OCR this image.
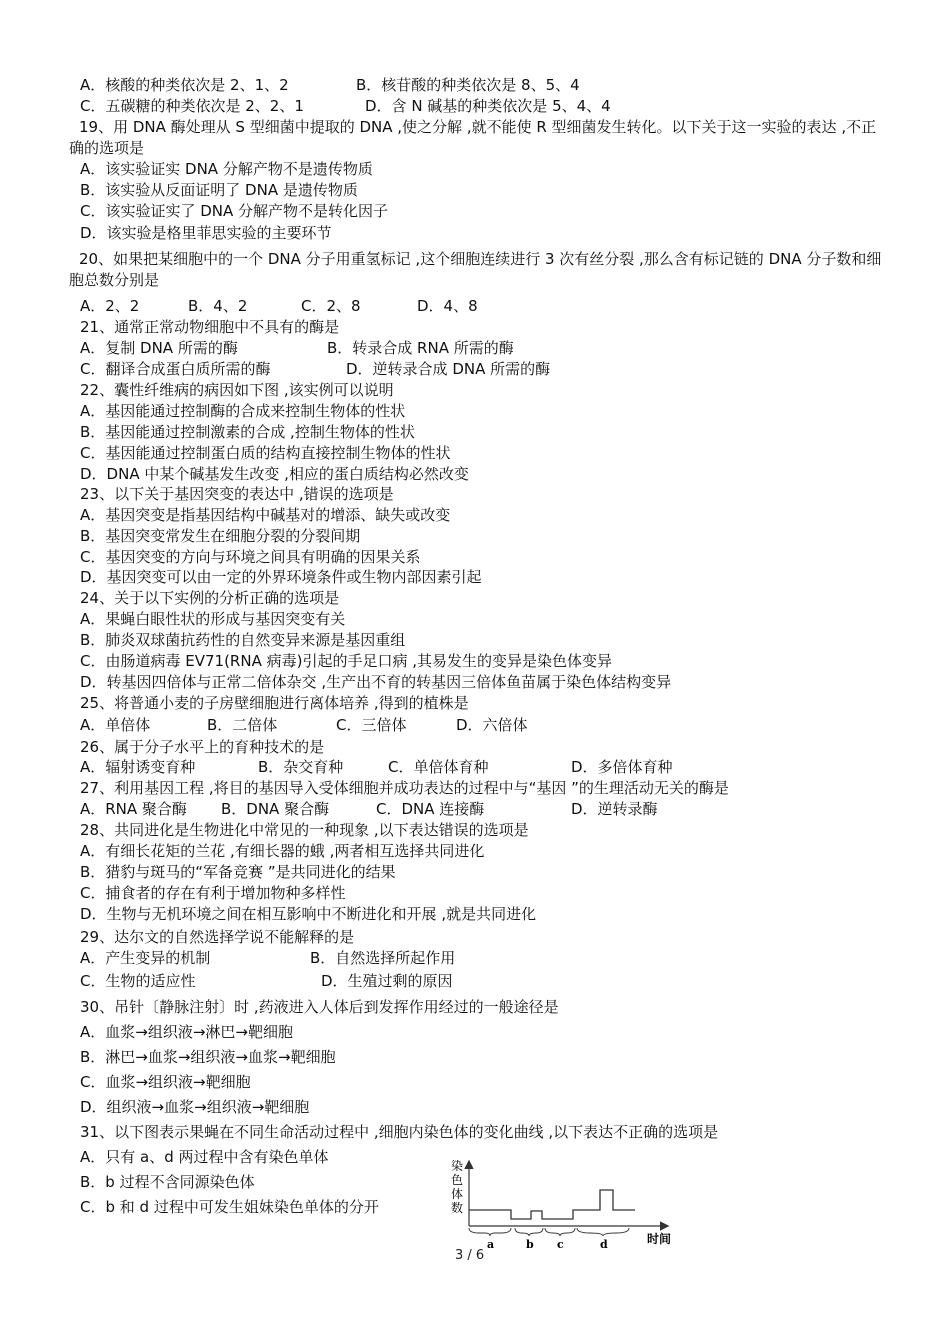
A．核酸的种类依次是 2、1、2	B．核苷酸的种类依次是 8、5、4
C．五碳糖的种类依次是 2、2、1	D．含 N 碱基的种类依次是 5、4、4
19、用 DNA 酶处理从 S 型细菌中提取的 DNA ,使之分解 ,就不能使 R 型细菌发生转化。以下关于这一实验的表达 ,不正确的选项是
A．该实验证实 DNA 分解产物不是遗传物质
B．该实验从反面证明了 DNA 是遗传物质
C．该实验证实了 DNA 分解产物不是转化因子
D．该实验是格里菲思实验的主要环节
20、如果把某细胞中的一个 DNA 分子用重氢标记 ,这个细胞连续进行 3 次有丝分裂 ,那么含有标记链的 DNA 分子数和细胞总数分别是
A．2、2	B．4、2	C．2、8	D．4、8
21、通常正常动物细胞中不具有的酶是
A．复制 DNA 所需的酶	B．转录合成 RNA 所需的酶
C．翻译合成蛋白质所需的酶	D．逆转录合成 DNA 所需的酶
22、囊性纤维病的病因如下图 ,该实例可以说明
A．基因能通过控制酶的合成来控制生物体的性状
B．基因能通过控制激素的合成 ,控制生物体的性状
C．基因能通过控制蛋白质的结构直接控制生物体的性状
D．DNA 中某个碱基发生改变 ,相应的蛋白质结构必然改变
23、以下关于基因突变的表达中 ,错误的选项是
A．基因突变是指基因结构中碱基对的增添、缺失或改变
B．基因突变常发生在细胞分裂的分裂间期
C．基因突变的方向与环境之间具有明确的因果关系
D．基因突变可以由一定的外界环境条件或生物内部因素引起
24、关于以下实例的分析正确的选项是
A．果蝇白眼性状的形成与基因突变有关
B．肺炎双球菌抗药性的自然变异来源是基因重组
C．由肠道病毒 EV71(RNA 病毒)引起的手足口病 ,其易发生的变异是染色体变异
D．转基因四倍体与正常二倍体杂交 ,生产出不育的转基因三倍体鱼苗属于染色体结构变异
25、将普通小麦的子房壁细胞进行离体培养 ,得到的植株是
A．单倍体	B．二倍体	C．三倍体	D．六倍体
26、属于分子水平上的育种技术的是
A．辐射诱变育种	B．杂交育种	C．单倍体育种	D．多倍体育种
27、利用基因工程 ,将目的基因导入受体细胞并成功表达的过程中与“基因 ”的生理活动无关的酶是
A．RNA 聚合酶 B．DNA 聚合酶	C．DNA 连接酶	D．逆转录酶
28、共同进化是生物进化中常见的一种现象 ,以下表达错误的选项是
A．有细长花矩的兰花 ,有细长器的蛾 ,两者相互选择共同进化
B．猎豹与斑马的“军备竞赛 ”是共同进化的结果
C．捕食者的存在有利于增加物种多样性
D．生物与无机环境之间在相互影响中不断进化和开展 ,就是共同进化
29、达尔文的自然选择学说不能解释的是
A．产生变异的机制	B．自然选择所起作用
C．生物的适应性	D．生殖过剩的原因
30、吊针〔静脉注射〕时 ,药液进入人体后到发挥作用经过的一般途径是
A．血浆→组织液→淋巴→靶细胞
B．淋巴→血浆→组织液→血浆→靶细胞
C．血浆→组织液→靶细胞
D．组织液→血浆→组织液→靶细胞
31、以下图表示果蝇在不同生命活动过程中 ,细胞内染色体的变化曲线 ,以下表达不正确的选项是
A．只有 a、d 两过程中含有染色单体
B．b 过程不含同源染色体
C．b 和 d 过程中可发生姐妹染色单体的分开
染
色
体
数
a	b c	d	时间
3 / 6
